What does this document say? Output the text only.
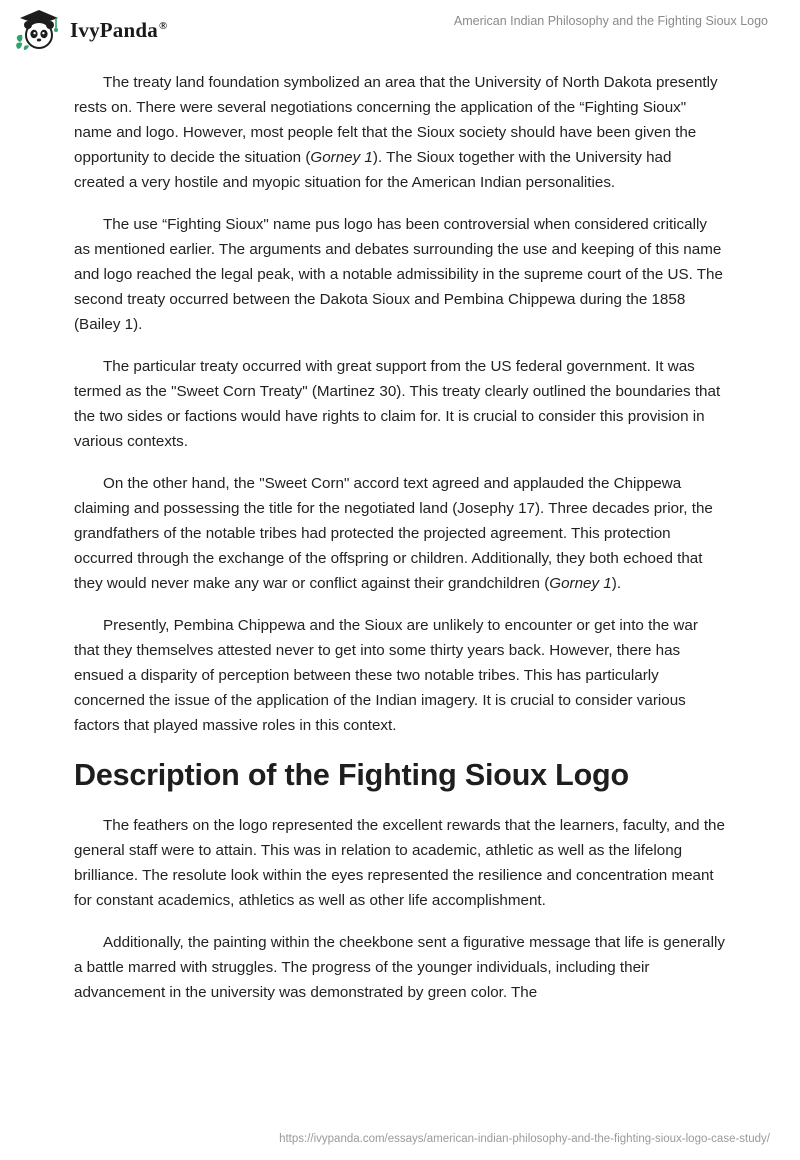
IvyPanda®	American Indian Philosophy and the Fighting Sioux Logo

The treaty land foundation symbolized an area that the University of North Dakota presently rests on. There were several negotiations concerning the application of the “Fighting Sioux" name and logo. However, most people felt that the Sioux society should have been given the opportunity to decide the situation (Gorney 1). The Sioux together with the University had created a very hostile and myopic situation for the American Indian personalities.

The use “Fighting Sioux" name pus logo has been controversial when considered critically as mentioned earlier. The arguments and debates surrounding the use and keeping of this name and logo reached the legal peak, with a notable admissibility in the supreme court of the US. The second treaty occurred between the Dakota Sioux and Pembina Chippewa during the 1858 (Bailey 1).

The particular treaty occurred with great support from the US federal government. It was termed as the "Sweet Corn Treaty" (Martinez 30). This treaty clearly outlined the boundaries that the two sides or factions would have rights to claim for. It is crucial to consider this provision in various contexts.

On the other hand, the "Sweet Corn" accord text agreed and applauded the Chippewa claiming and possessing the title for the negotiated land (Josephy 17). Three decades prior, the grandfathers of the notable tribes had protected the projected agreement. This protection occurred through the exchange of the offspring or children. Additionally, they both echoed that they would never make any war or conflict against their grandchildren (Gorney 1).

Presently, Pembina Chippewa and the Sioux are unlikely to encounter or get into the war that they themselves attested never to get into some thirty years back. However, there has ensued a disparity of perception between these two notable tribes. This has particularly concerned the issue of the application of the Indian imagery. It is crucial to consider various factors that played massive roles in this context.

Description of the Fighting Sioux Logo

The feathers on the logo represented the excellent rewards that the learners, faculty, and the general staff were to attain. This was in relation to academic, athletic as well as the lifelong brilliance. The resolute look within the eyes represented the resilience and concentration meant for constant academics, athletics as well as other life accomplishment.

Additionally, the painting within the cheekbone sent a figurative message that life is generally a battle marred with struggles. The progress of the younger individuals, including their advancement in the university was demonstrated by green color. The

https://ivypanda.com/essays/american-indian-philosophy-and-the-fighting-sioux-logo-case-study/
